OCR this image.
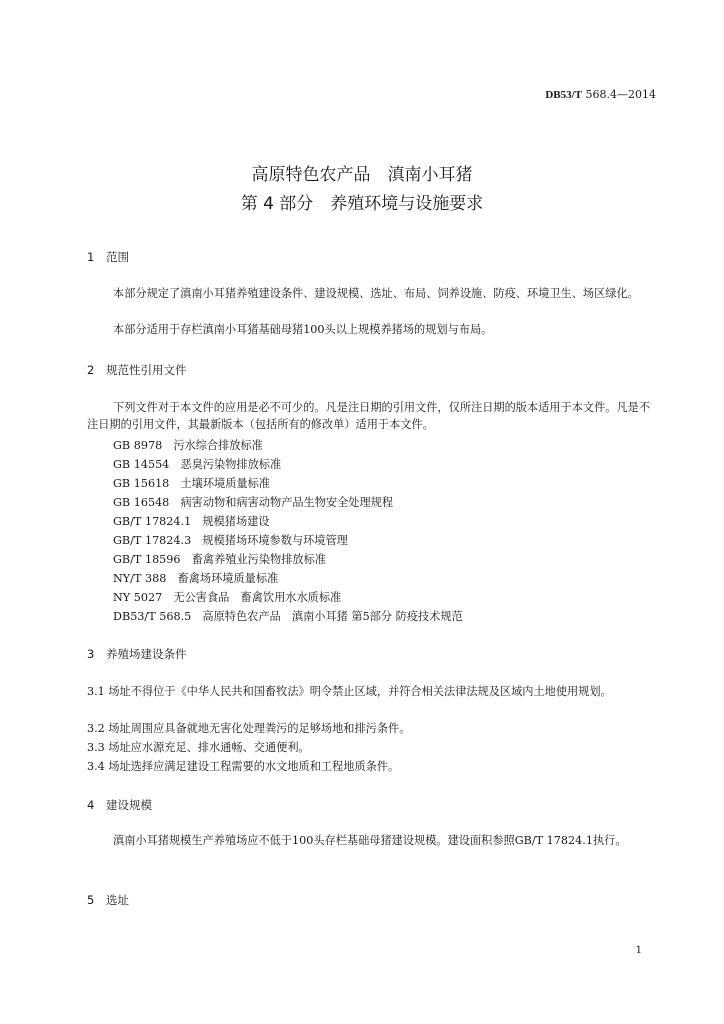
DB53/T 568.4—2014
高原特色农产品　滇南小耳猪
第 4 部分　养殖环境与设施要求
1 范围
本部分规定了滇南小耳猪养殖建设条件、建设规模、选址、布局、饲养设施、防疫、环境卫生、场区绿化。
本部分适用于存栏滇南小耳猪基础母猪100头以上规模养猪场的规划与布局。
2 规范性引用文件
下列文件对于本文件的应用是必不可少的。凡是注日期的引用文件，仅所注日期的版本适用于本文件。凡是不注日期的引用文件，其最新版本（包括所有的修改单）适用于本文件。
GB 8978　污水综合排放标准
GB 14554　恶臭污染物排放标准
GB 15618　土壤环境质量标准
GB 16548　病害动物和病害动物产品生物安全处理规程
GB/T 17824.1　规模猪场建设
GB/T 17824.3　规模猪场环境参数与环境管理
GB/T 18596　畜禽养殖业污染物排放标准
NY/T 388　畜禽场环境质量标准
NY 5027　无公害食品　畜禽饮用水水质标准
DB53/T 568.5　高原特色农产品　滇南小耳猪 第5部分 防疫技术规范
3 养殖场建设条件
3.1 场址不得位于《中华人民共和国畜牧法》明令禁止区域，并符合相关法律法规及区域内土地使用规划。
3.2 场址周围应具备就地无害化处理粪污的足够场地和排污条件。
3.3 场址应水源充足、排水通畅、交通便利。
3.4 场址选择应满足建设工程需要的水文地质和工程地质条件。
4 建设规模
滇南小耳猪规模生产养殖场应不低于100头存栏基础母猪建设规模。建设面积参照GB/T 17824.1执行。
5 选址
1
